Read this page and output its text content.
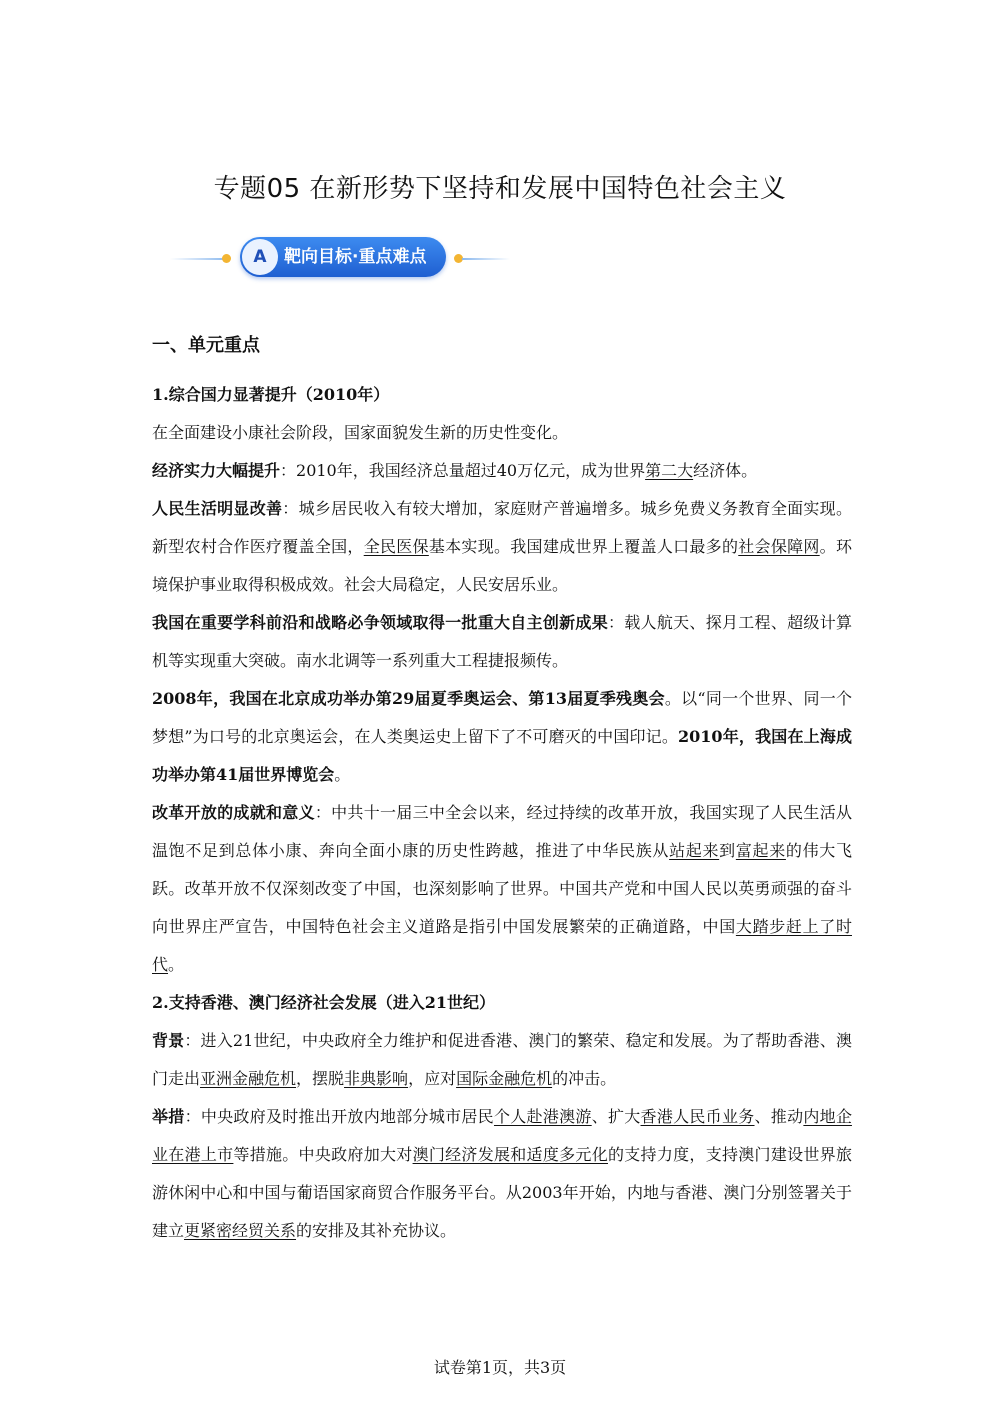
专题05 在新形势下坚持和发展中国特色社会主义
A	靶向目标·重点难点
一、单元重点
1.综合国力显著提升（2010年）

在全面建设小康社会阶段，国家面貌发生新的历史性变化。

经济实力大幅提升：2010年，我国经济总量超过40万亿元，成为世界第二大经济体。

人民生活明显改善：城乡居民收入有较大增加，家庭财产普遍增多。城乡免费义务教育全面实现。新型农村合作医疗覆盖全国，全民医保基本实现。我国建成世界上覆盖人口最多的社会保障网。环境保护事业取得积极成效。社会大局稳定，人民安居乐业。

我国在重要学科前沿和战略必争领域取得一批重大自主创新成果：载人航天、探月工程、超级计算机等实现重大突破。南水北调等一系列重大工程捷报频传。

2008年，我国在北京成功举办第29届夏季奥运会、第13届夏季残奥会。以“同一个世界、同一个梦想”为口号的北京奥运会，在人类奥运史上留下了不可磨灭的中国印记。2010年，我国在上海成功举办第41届世界博览会。

改革开放的成就和意义：中共十一届三中全会以来，经过持续的改革开放，我国实现了人民生活从温饱不足到总体小康、奔向全面小康的历史性跨越，推进了中华民族从站起来到富起来的伟大飞跃。改革开放不仅深刻改变了中国，也深刻影响了世界。中国共产党和中国人民以英勇顽强的奋斗向世界庄严宣告，中国特色社会主义道路是指引中国发展繁荣的正确道路，中国大踏步赶上了时代。

2.支持香港、澳门经济社会发展（进入21世纪）

背景：进入21世纪，中央政府全力维护和促进香港、澳门的繁荣、稳定和发展。为了帮助香港、澳门走出亚洲金融危机，摆脱非典影响，应对国际金融危机的冲击。

举措：中央政府及时推出开放内地部分城市居民个人赴港澳游、扩大香港人民币业务、推动内地企业在港上市等措施。中央政府加大对澳门经济发展和适度多元化的支持力度，支持澳门建设世界旅游休闲中心和中国与葡语国家商贸合作服务平台。从2003年开始，内地与香港、澳门分别签署关于建立更紧密经贸关系的安排及其补充协议。

试卷第1页，共3页
